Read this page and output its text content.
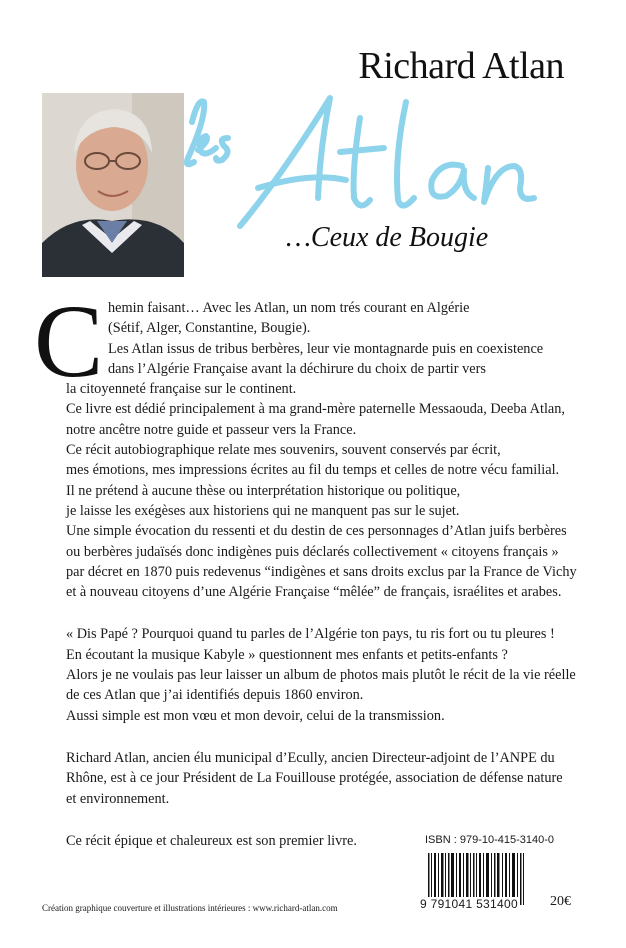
Richard Atlan
…Ceux de Bougie
C hemin faisant… Avec les Atlan, un nom trés courant en Algérie
(Sétif, Alger, Constantine, Bougie).
Les Atlan issus de tribus berbères, leur vie montagnarde puis en coexistence
dans l’Algérie Française avant la déchirure du choix de partir vers
la citoyenneté française sur le continent.
Ce livre est dédié principalement à ma grand-mère paternelle Messaouda, Deeba Atlan,
notre ancêtre notre guide et passeur vers la France.
Ce récit autobiographique relate mes souvenirs, souvent conservés par écrit,
mes émotions, mes impressions écrites au fil du temps et celles de notre vécu familial.
Il ne prétend à aucune thèse ou interprétation historique ou politique,
je laisse les exégèses aux historiens qui ne manquent pas sur le sujet.
Une simple évocation du ressenti et du destin de ces personnages d’Atlan juifs berbères
ou berbères judaïsés donc indigènes puis déclarés collectivement « citoyens français »
par décret en 1870 puis redevenus “indigènes et sans droits exclus par la France de Vichy
et à nouveau citoyens d’une Algérie Française “mêlée” de français, israélites et arabes.
« Dis Papé ? Pourquoi quand tu parles de l’Algérie ton pays, tu ris fort ou tu pleures !
En écoutant la musique Kabyle » questionnent mes enfants et petits-enfants ?
Alors je ne voulais pas leur laisser un album de photos mais plutôt le récit de la vie réelle
de ces Atlan que j’ai identifiés depuis 1860 environ.
Aussi simple est mon vœu et mon devoir, celui de la transmission.
Richard Atlan, ancien élu municipal d’Ecully, ancien Directeur-adjoint de l’ANPE du
Rhône, est à ce jour Président de La Fouillouse protégée, association de défense nature
et environnement.
Ce récit épique et chaleureux est son premier livre.	ISBN : 979-10-415-3140-0
9 791041 531400 20€
Création graphique couverture et illustrations intérieures : www.richard-atlan.com
